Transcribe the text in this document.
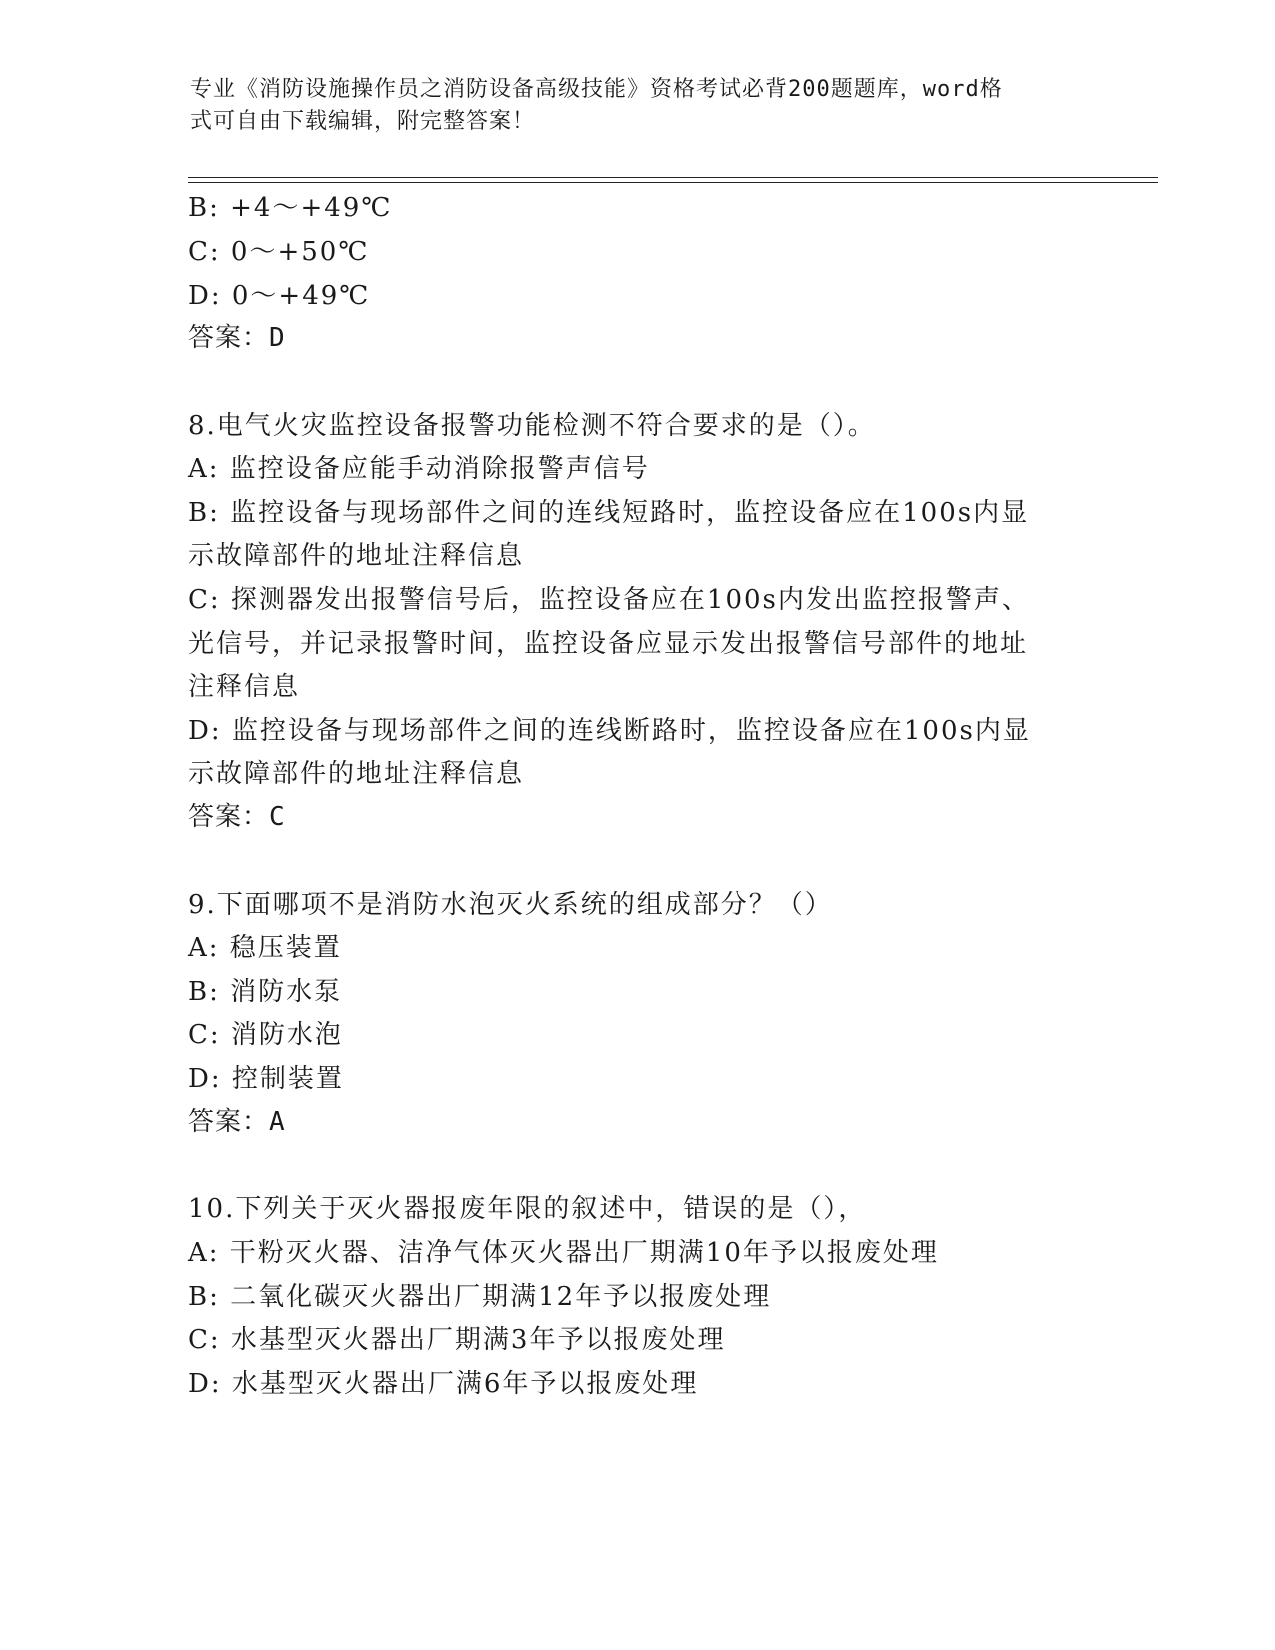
专业《消防设施操作员之消防设备高级技能》资格考试必背200题题库，word格
式可自由下载编辑，附完整答案！
B: +4～+49℃
C: 0～+50℃
D: 0～+49℃
答案：D
8.电气火灾监控设备报警功能检测不符合要求的是（）。
A: 监控设备应能手动消除报警声信号
B: 监控设备与现场部件之间的连线短路时，监控设备应在100s内显
示故障部件的地址注释信息
C: 探测器发出报警信号后，监控设备应在100s内发出监控报警声、
光信号，并记录报警时间，监控设备应显示发出报警信号部件的地址
注释信息
D: 监控设备与现场部件之间的连线断路时，监控设备应在100s内显
示故障部件的地址注释信息
答案：C
9.下面哪项不是消防水泡灭火系统的组成部分？（）
A: 稳压装置
B: 消防水泵
C: 消防水泡
D: 控制装置
答案：A
10.下列关于灭火器报废年限的叙述中，错误的是（），
A: 干粉灭火器、洁净气体灭火器出厂期满10年予以报废处理
B: 二氧化碳灭火器出厂期满12年予以报废处理
C: 水基型灭火器出厂期满3年予以报废处理
D: 水基型灭火器出厂满6年予以报废处理
